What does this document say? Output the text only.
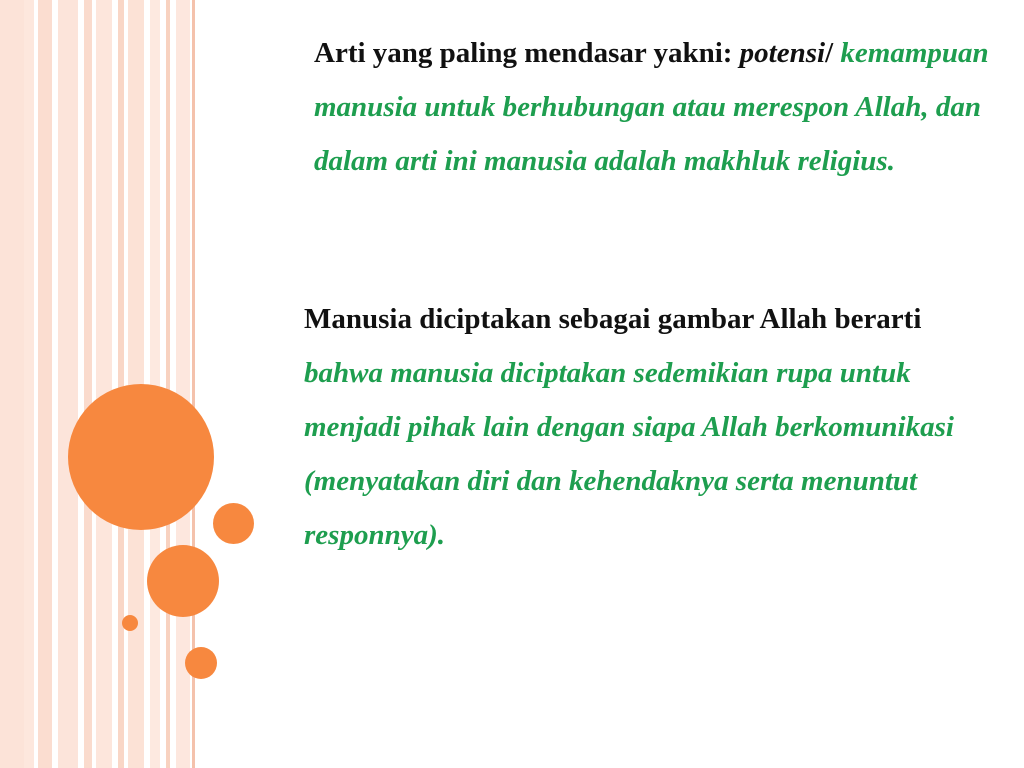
Arti yang paling mendasar yakni: potensi/ kemampuan manusia untuk berhubungan atau merespon Allah, dan dalam arti ini manusia adalah makhluk religius.
Manusia diciptakan sebagai gambar Allah berarti bahwa manusia diciptakan sedemikian rupa untuk menjadi pihak lain dengan siapa Allah berkomunikasi (menyatakan diri dan kehendaknya serta menuntut responnya).
